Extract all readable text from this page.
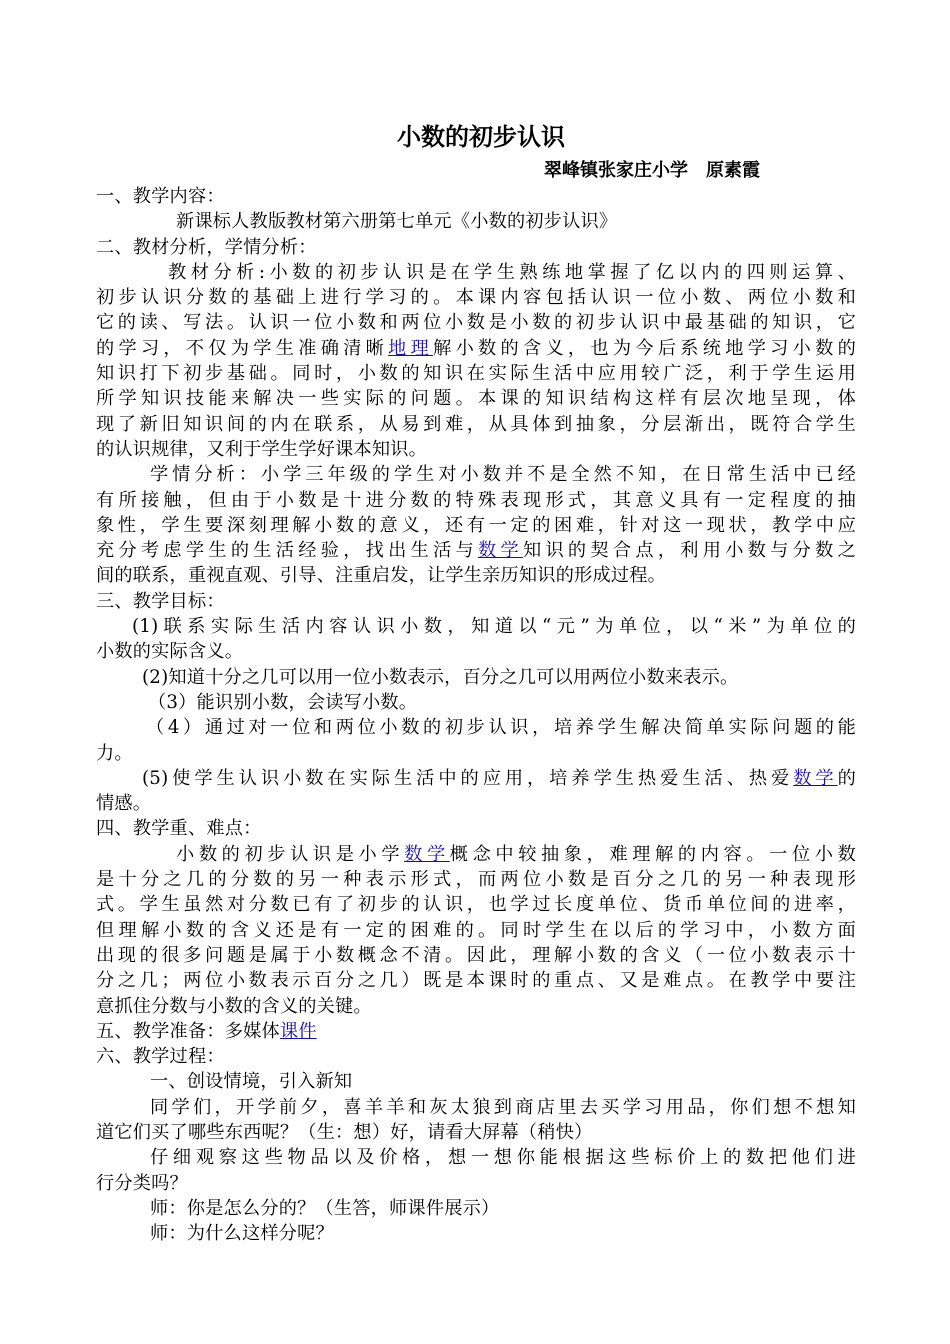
小数的初步认识
翠峰镇张家庄小学　原素霞
一、教学内容：
新课标人教版教材第六册第七单元《小数的初步认识》
二、教材分析，学情分析：
教材分析:小数的初步认识是在学生熟练地掌握了亿以内的四则运算、
初步认识分数的基础上进行学习的。本课内容包括认识一位小数、两位小数和
它的读、写法。认识一位小数和两位小数是小数的初步认识中最基础的知识，它
的学习，不仅为学生准确清晰地理解小数的含义，也为今后系统地学习小数的
知识打下初步基础。同时，小数的知识在实际生活中应用较广泛，利于学生运用
所学知识技能来解决一些实际的问题。本课的知识结构这样有层次地呈现，体
现了新旧知识间的内在联系，从易到难，从具体到抽象，分层渐出，既符合学生
的认识规律，又利于学生学好课本知识。
学情分析：小学三年级的学生对小数并不是全然不知，在日常生活中已经
有所接触，但由于小数是十进分数的特殊表现形式，其意义具有一定程度的抽
象性，学生要深刻理解小数的意义，还有一定的困难，针对这一现状，教学中应
充分考虑学生的生活经验，找出生活与数学知识的契合点，利用小数与分数之
间的联系，重视直观、引导、注重启发，让学生亲历知识的形成过程。
三、教学目标：
(1)联系实际生活内容认识小数，知道以“元”为单位，以“米”为单位的
小数的实际含义。
(2)知道十分之几可以用一位小数表示，百分之几可以用两位小数来表示。
（3）能识别小数，会读写小数。
（4）通过对一位和两位小数的初步认识，培养学生解决简单实际问题的能
力。
(5)使学生认识小数在实际生活中的应用，培养学生热爱生活、热爱数学的
情感。
四、教学重、难点：
小数的初步认识是小学数学概念中较抽象，难理解的内容。一位小数
是十分之几的分数的另一种表示形式，而两位小数是百分之几的另一种表现形
式。学生虽然对分数已有了初步的认识，也学过长度单位、货币单位间的进率，
但理解小数的含义还是有一定的困难的。同时学生在以后的学习中，小数方面
出现的很多问题是属于小数概念不清。因此，理解小数的含义（一位小数表示十
分之几；两位小数表示百分之几）既是本课时的重点、又是难点。在教学中要注
意抓住分数与小数的含义的关键。
五、教学准备：多媒体课件
六、教学过程：
一、创设情境，引入新知
同学们，开学前夕，喜羊羊和灰太狼到商店里去买学习用品，你们想不想知
道它们买了哪些东西呢？（生：想）好，请看大屏幕（稍快）
仔细观察这些物品以及价格，想一想你能根据这些标价上的数把他们进
行分类吗？
师：你是怎么分的？（生答，师课件展示）
师：为什么这样分呢？
